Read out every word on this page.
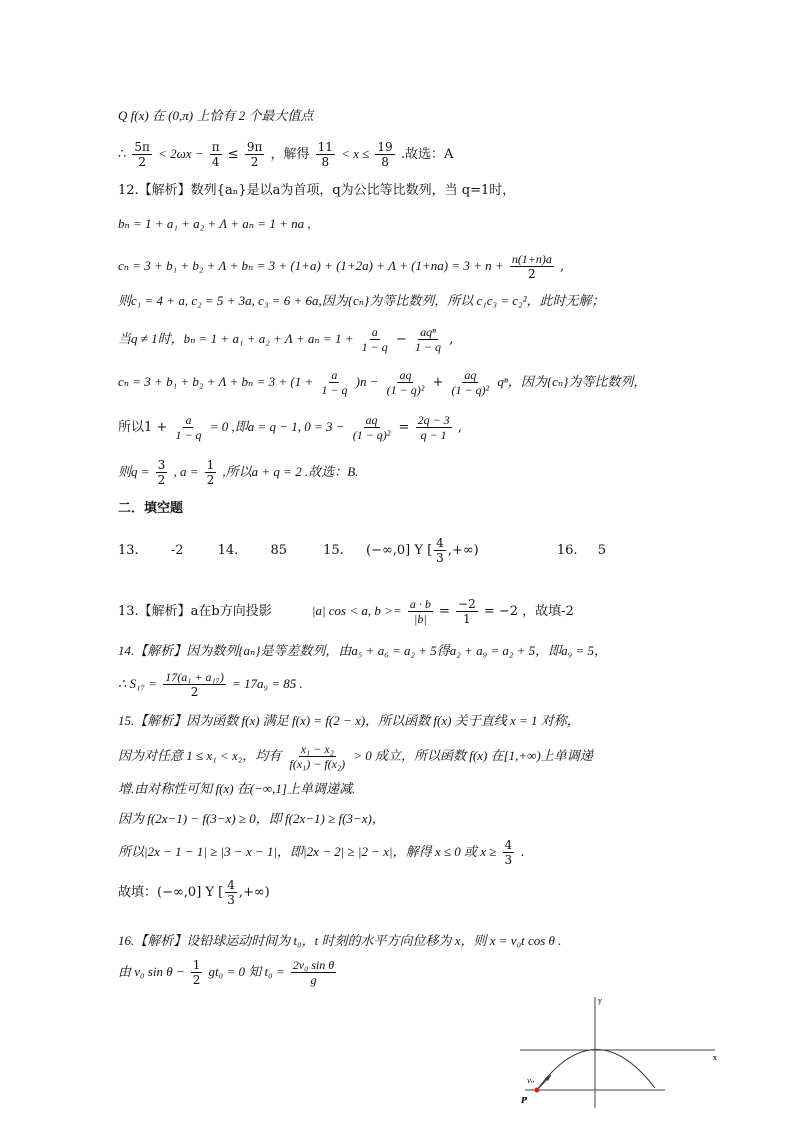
Q f(x) 在 (0,π) 上恰有 2 个最大值点
∴ $\frac{5\pi}{2} < 2\omega x - \frac{\pi}{4} \le \frac{9\pi}{2}$ ，解得 $\frac{11}{8} < x \le \frac{19}{8}$ .故选：A
12.【解析】数列{aₙ}是以a为首项，q为公比等比数列，当 q=1时，
bₙ = 1 + a₁ + a₂ + Λ + aₙ = 1 + na ,
$c_n = 3 + b_1 + b_2 + \Lambda + b_n = 3 + (1+a) + (1+2a) + \Lambda + (1+na) = 3 + n + \frac{n(1+n)a}{2}$ ,
则c₁ = 4 + a, c₂ = 5 + 3a, c₃ = 6 + 6a,因为{cₙ}为等比数列，所以 c₁c₃ = c₂²，此时无解；
当q ≠ 1时，$b_n = 1 + a_1 + a_2 + \Lambda + a_n = 1 + \frac{a}{1 - q} - \frac{\text{aqⁿ}}{1 - q}$ ,
$c_n = 3 + b_1 + b_2 + \Lambda + b_n = 3 + (1 + \frac{a}{1 - q} )n - \frac{aq}{\text{(1 − q)²}} + \frac{aq}{\text{(1 − q)²}}$ qⁿ，因为{cₙ}为等比数列，
所以$1 + \frac{a}{1 - q} = 0$ ,即a = q − 1, $0 = 3 - \frac{aq}{\text{(1 − q)²}} = \frac{2q - 3}{q - 1}$ ,
则$q = \frac{3}{2}$ , $a = \frac{1}{2}$ ,所以a + q = 2 .故选：B.
二．填空题
13. -2	14. 85	15. (−∞,0] Y [ $\frac{4}{3}$ ,+∞)	16. 5
13.【解析】a在b方向投影	|a| cos < a, $b >= \frac{a \cdot b}{|b|} = \frac{-2}{1} = -2$ ，故填-2
14.【解析】因为数列{aₙ}是等差数列，由a₅ + a₆ = a₂ + 5得a₂ + a₉ = a₂ + 5，即a₉ = 5，
∴ $S_{17} = \frac{\text{17(a₁ + a₁₇)}}{2} = 17a_9 = 85$ .
15.【解析】因为函数 f(x) 满足 f(x) = f(2 − x)，所以函数 f(x) 关于直线 x = 1 对称，
因为对任意 1 ≤ x₁ < x₂，均有 $\frac{\text{x₁ − x₂}}{\text{f(x₁) − f(x₂)}} > 0$ 成立，所以函数 f(x) 在[1,+∞)上单调递
增.由对称性可知 f(x) 在(−∞,1]上单调递减.
因为 f(2x−1) − f(3−x) ≥ 0，即 f(2x−1) ≥ f(3−x)，
所以|2x − 1 − 1| ≥ |3 − x − 1|，即|2x − 2| ≥ |2 − x|，解得 x ≤ 0 或 $x \ge \frac{4}{3}$ .
故填：(−∞,0] Y [ $\frac{4}{3}$ ,+∞)
16.【解析】设铅球运动时间为 t₀，t 时刻的水平方向位移为 x，则 x = v₀t cos θ .
由 v₀ $\sin \theta - \frac{1}{2} gt_0 = 0$ 知 $t_0 = \frac{\text{2v₀ sin θ}}{g}$
y
x
v₀
P
